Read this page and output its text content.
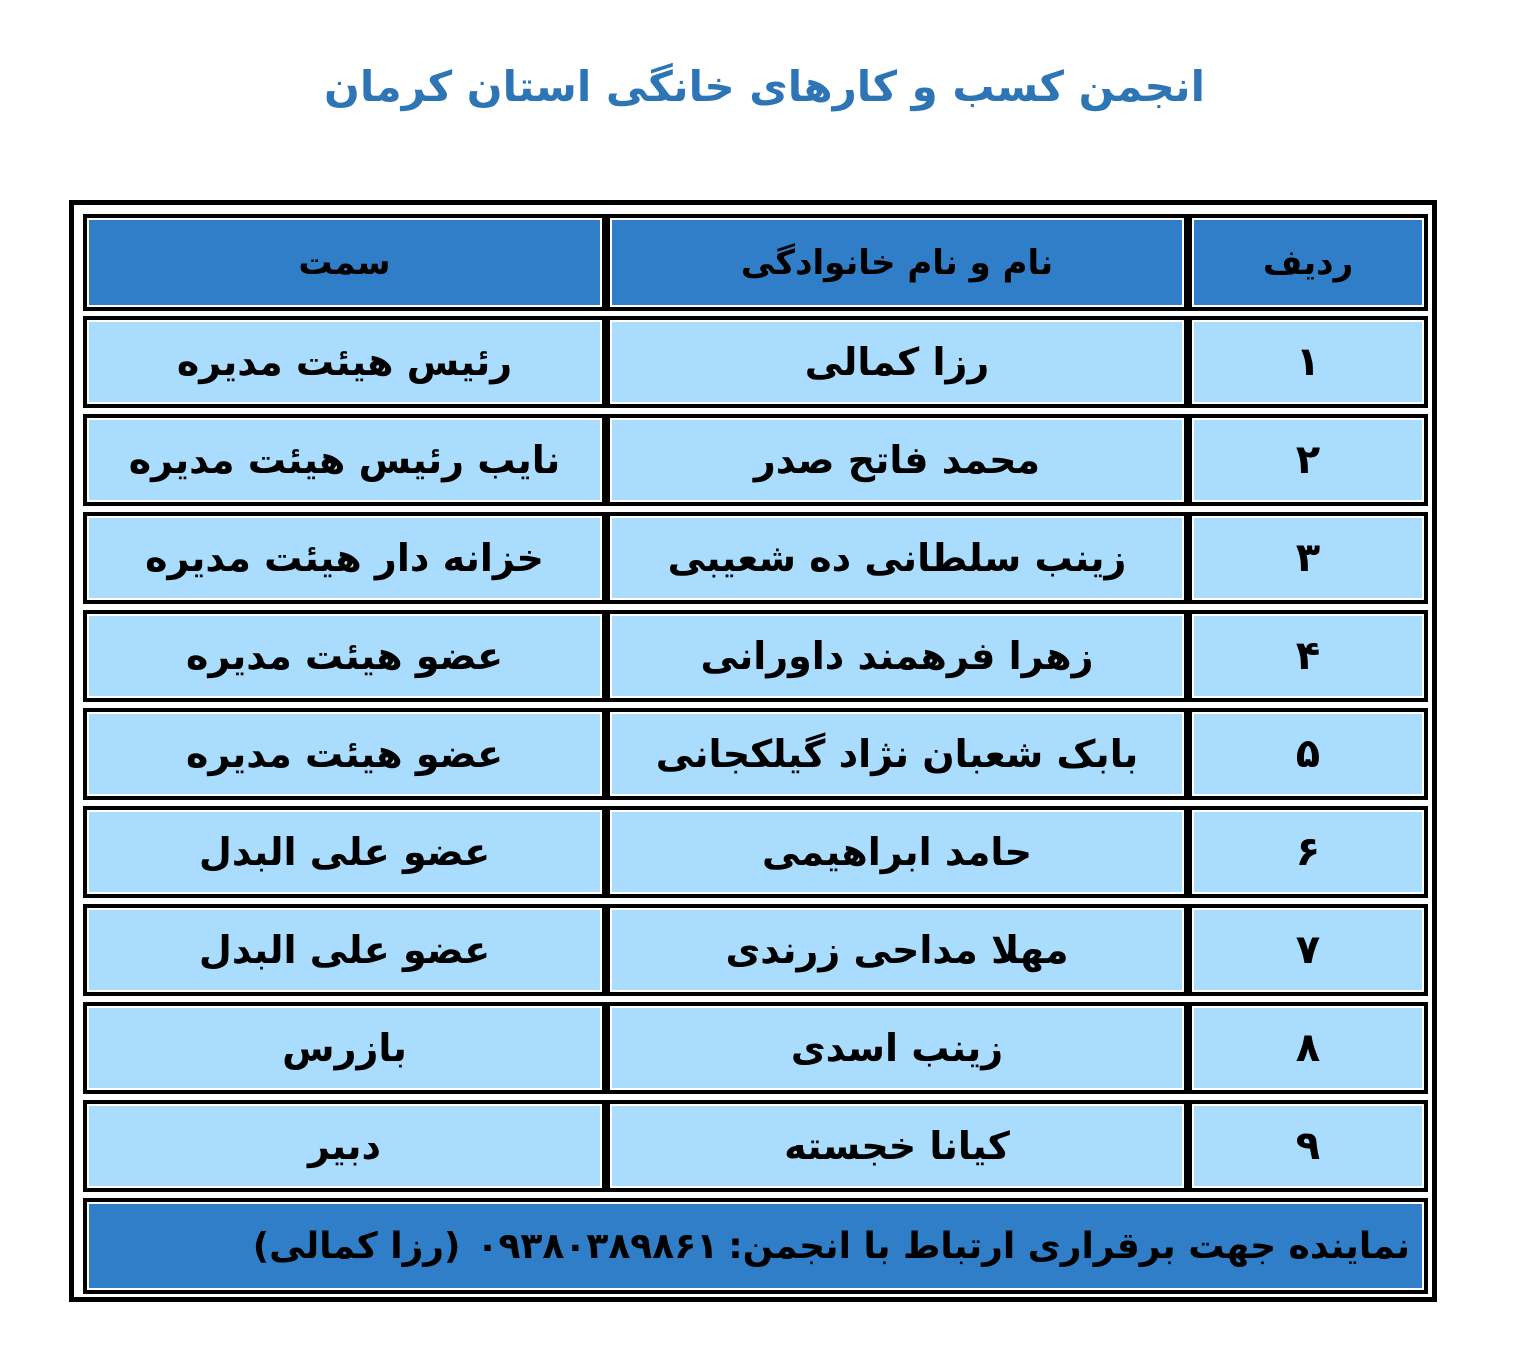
انجمن کسب و کارهای خانگی استان کرمان
ردیف
نام و نام خانوادگی
سمت
۱
رزا کمالی
رئیس هیئت مدیره
۲
محمد فاتح صدر
نایب رئیس هیئت مدیره
۳
زینب سلطانی ده شعیبی
خزانه دار هیئت مدیره
۴
زهرا فرهمند داورانی
عضو هیئت مدیره
۵
بابک شعبان نژاد گیلکجانی
عضو هیئت مدیره
۶
حامد ابراهیمی
عضو علی البدل
۷
مهلا مداحی زرندی
عضو علی البدل
۸
زینب اسدی
بازرس
۹
کیانا خجسته
دبیر
نماینده جهت برقراری ارتباط با انجمن:
۰۹۳۸۰۳۸۹۸۶۱
(رزا کمالی)
